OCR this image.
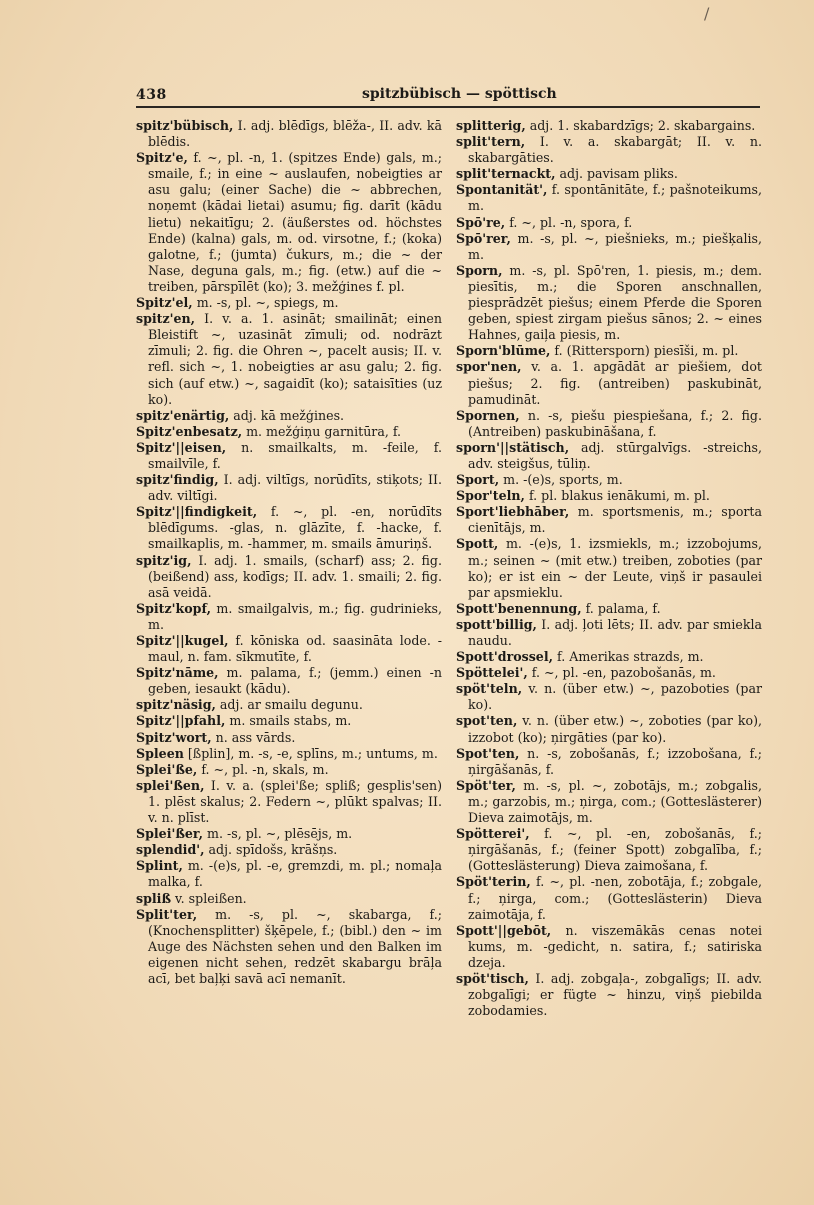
/
438	spitzbübisch — spöttisch

spitz'bübisch, I. adj. blēdīgs, blēža-, II. adv. kā blēdis.

Spitz'e, f. ~, pl. -n, 1. (spitzes Ende) gals, m.; smaile, f.; in eine ~ auslaufen, nobeigties ar asu galu; (einer Sache) die ~ abbrechen, noņemt (kādai lietai) asumu; fig. darīt (kādu lietu) nekaitīgu; 2. (äußerstes od. höchstes Ende) (kalna) gals, m. od. virsotne, f.; (koka) galotne, f.; (jumta) čukurs, m.; die ~ der Nase, deguna gals, m.; fig. (etw.) auf die ~ treiben, pārspīlēt (ko); 3. mežģines f. pl.

Spitz'el, m. -s, pl. ~, spiegs, m.

spitz'en, I. v. a. 1. asināt; smailināt; einen Bleistift ~, uzasināt zīmuli; od. nodrāzt zīmuli; 2. fig. die Ohren ~, pacelt ausis; II. v. refl. sich ~, 1. nobeigties ar asu galu; 2. fig. sich (auf etw.) ~, sagaidīt (ko); sataisīties (uz ko).

spitz'enärtig, adj. kā mežģines.

Spitz'enbesatz, m. mežģiņu garnitūra, f.

Spitz'||eisen, n. smailkalts, m. -feile, f. smailvīle, f.

spitz'findig, I. adj. viltīgs, norūdīts, stiķots; II. adv. viltīgi.

Spitz'||findigkeit, f. ~, pl. -en, norūdīts blēdīgums. -glas, n. glāzīte, f. -hacke, f. smailkaplis, m. -hammer, m. smails āmuriņš.

spitz'ig, I. adj. 1. smails, (scharf) ass; 2. fig. (beißend) ass, kodīgs; II. adv. 1. smaili; 2. fig. asā veidā.

Spitz'kopf, m. smailgalvis, m.; fig. gudrinieks, m.

Spitz'||kugel, f. kōniska od. saasināta lode. -maul, n. fam. sīkmutīte, f.

Spitz'nāme, m. palama, f.; (jemm.) einen -n geben, iesaukt (kādu).

spitz'näsig, adj. ar smailu degunu.

Spitz'||pfahl, m. smails stabs, m.

Spitz'wort, n. ass vārds.

Spleen [ßplin], m. -s, -e, splīns, m.; untums, m.

Splei'ße, f. ~, pl. -n, skals, m.

splei'ßen, I. v. a. (splei'ße; spliß; gesplis'sen) 1. plēst skalus; 2. Federn ~, plūkt spalvas; II. v. n. plīst.

Splei'ßer, m. -s, pl. ~, plēsējs, m.

splendid', adj. spīdošs, krāšņs.

Splint, m. -(e)s, pl. -e, gremzdi, m. pl.; nomaļa malka, f.

spliß v. spleißen.

Split'ter, m. -s, pl. ~, skabarga, f.; (Knochensplitter) šķēpele, f.; (bibl.) den ~ im Auge des Nächsten sehen und den Balken im eigenen nicht sehen, redzēt skabargu brāļa acī, bet baļķi savā acī nemanīt.

splitterig, adj. 1. skabardzīgs; 2. skabargains.

split'tern, I. v. a. skabargāt; II. v. n. skabargāties.

split'ternackt, adj. pavisam pliks.

Spontanität', f. spontānitāte, f.; pašnoteikums, m.

Spō're, f. ~, pl. -n, spora, f.

Spō'rer, m. -s, pl. ~, piešnieks, m.; piešķalis, m.

Sporn, m. -s, pl. Spō'ren, 1. piesis, m.; dem. piesītis, m.; die Sporen anschnallen, piesprādzēt piešus; einem Pferde die Sporen geben, spiest zirgam piešus sānos; 2. ~ eines Hahnes, gaiļa piesis, m.

Sporn'blūme, f. (Rittersporn) piesīši, m. pl.

spor'nen, v. a. 1. apgādāt ar piešiem, dot piešus; 2. fig. (antreiben) paskubināt, pamudināt.

Spornen, n. -s, piešu piespiešana, f.; 2. fig. (Antreiben) paskubināšana, f.

sporn'||stätisch, adj. stūrgalvīgs. -streichs, adv. steigšus, tūliņ.

Sport, m. -(e)s, sports, m.

Spor'teln, f. pl. blakus ienākumi, m. pl.

Sport'liebhāber, m. sportsmenis, m.; sporta cienītājs, m.

Spott, m. -(e)s, 1. izsmiekls, m.; izzobojums, m.; seinen ~ (mit etw.) treiben, zoboties (par ko); er ist ein ~ der Leute, viņš ir pasaulei par apsmieklu.

Spott'benennung, f. palama, f.

spott'billig, I. adj. ļoti lēts; II. adv. par smiekla naudu.

Spott'drossel, f. Amerikas strazds, m.

Spöttelei', f. ~, pl. -en, pazobošanās, m.

spöt'teln, v. n. (über etw.) ~, pazoboties (par ko).

spot'ten, v. n. (über etw.) ~, zoboties (par ko), izzobot (ko); ņirgāties (par ko).

Spot'ten, n. -s, zobošanās, f.; izzobošana, f.; ņirgāšanās, f.

Spöt'ter, m. -s, pl. ~, zobotājs, m.; zobgalis, m.; garzobis, m.; ņirga, com.; (Gotteslästerer) Dieva zaimotājs, m.

Spötterei', f. ~, pl. -en, zobošanās, f.; ņirgāšanās, f.; (feiner Spott) zobgalība, f.; (Gotteslästerung) Dieva zaimošana, f.

Spöt'terin, f. ~, pl. -nen, zobotāja, f.; zobgale, f.; ņirga, com.; (Gotteslästerin) Dieva zaimotāja, f.

Spott'||gebōt, n. viszemākās cenas notei kums, m. -gedicht, n. satira, f.; satiriska dzeja.

spöt'tisch, I. adj. zobgaļa-, zobgalīgs; II. adv. zobgalīgi; er fügte ~ hinzu, viņš piebilda zobodamies.
